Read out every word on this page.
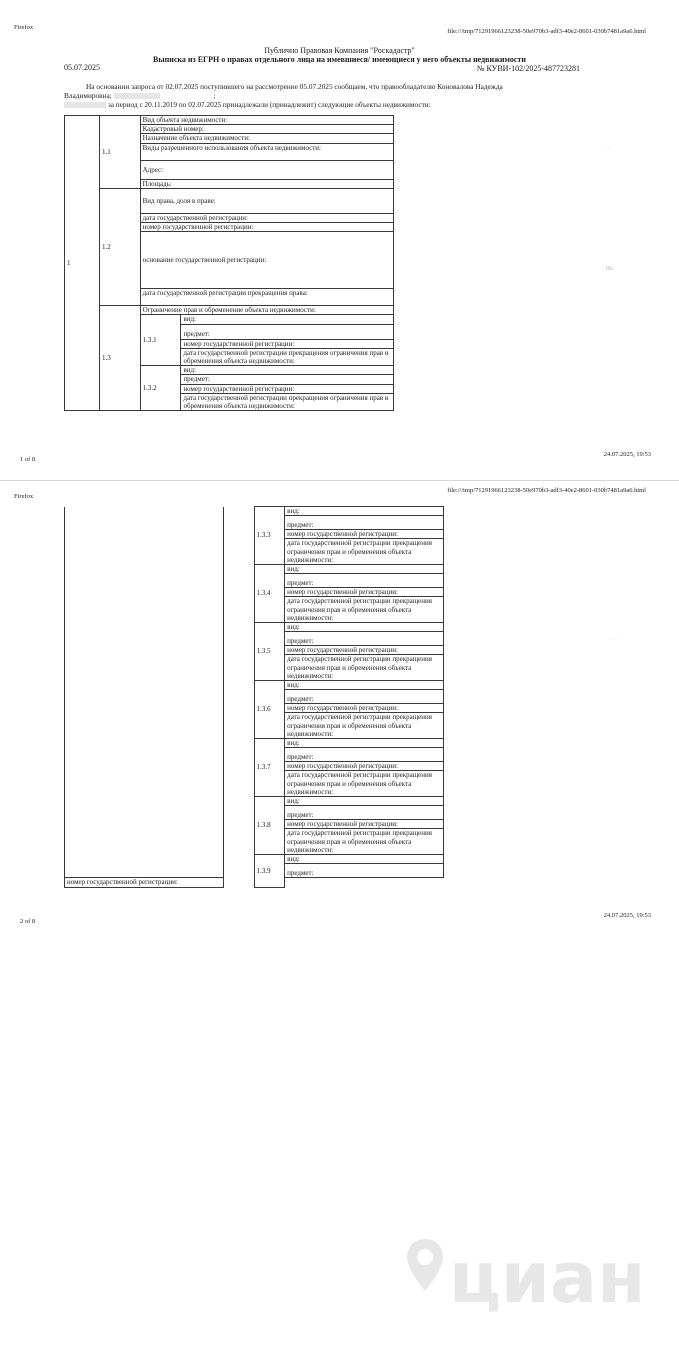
Firefox
file:///tmp/71291966123238-50e970b3-adf3-40e2-8601-030b7481a9a6.html
Публично Правовая Компания "Роскадастр"
Выписка из ЕГРН о правах отдельного лица на имевшиеся/ имеющиеся у него объекты недвижимости
05.07.2025	№ КУВИ-102/2025-487723281
На основании запроса от 02.07.2025 поступившего на рассмотрение 05.07.2025 сообщаем, что правообладателю Коновалова Надежда
Владимировна;	;
за период с 20.11.2019 по 02.07.2025 принадлежали (принадлежит) следующие объекты недвижимости:
1	1.1	Вид объекта недвижимости:		
		Кадастровый номер:		
		Назначение объекта недвижимости:		
		Виды разрешенного использования объекта недвижимости:		
		Адрес:		
		Площадь:		
	1.2	Вид права, доля в праве:		
		дата государственной регистрации:		
		номер государственной регистрации:		
		основание государственной регистрации:		
		дата государственной регистрации прекращения права:		
	1.3	Ограничение прав и обременение объекта недвижимости:		
		1.3.1	вид:	
			предмет:	
			номер государственной регистрации:	
			дата государственной регистрации прекращения ограничения прав и обременения объекта недвижимости:	
		1.3.2	вид:
предмет:
номер государственной регистрации:
дата государственной регистрации прекращения ограничения прав и обременения объекта недвижимости:	
8Iг.
· · ·
1 of 8
24.07.2025, 19:53
Firefox
file:///tmp/71291966123238-50e970b3-adf3-40e2-8601-030b7481a9a6.html
		1.3.3	вид:	
			предмет:	
			номер государственной регистрации:	
			дата государственной регистрации прекращения ограничения прав и обременения объекта недвижимости:	
		1.3.4	вид:	
			предмет:	
			номер государственной регистрации:	
			дата государственной регистрации прекращения ограничения прав и обременения объекта недвижимости:	
		1.3.5	вид:	
			предмет:	
			номер государственной регистрации:	
			дата государственной регистрации прекращения ограничения прав и обременения объекта недвижимости:	
		1.3.6	вид:	
			предмет:	
			номер государственной регистрации:	
			дата государственной регистрации прекращения ограничения прав и обременения объекта недвижимости:	
		1.3.7	вид:	
			предмет:	
			номер государственной регистрации:	
			дата государственной регистрации прекращения ограничения прав и обременения объекта недвижимости:	
		1.3.8	вид:	
			предмет:	
			номер государственной регистрации:	
			дата государственной регистрации прекращения ограничения прав и обременения объекта недвижимости:	
		1.3.9	вид:	
			предмет:	
номер государственной регистрации:				
· · ·
циан
2 of 8
24.07.2025, 19:53
